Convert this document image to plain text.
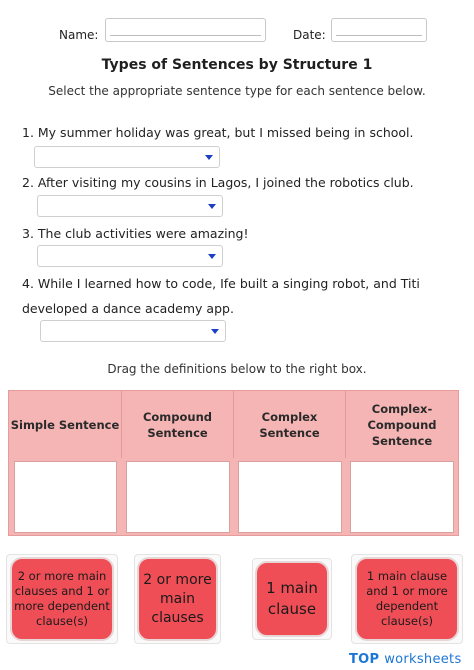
Name:	Date:
Types of Sentences by Structure 1
Select the appropriate sentence type for each sentence below.
1. My summer holiday was great, but I missed being in school.
2. After visiting my cousins in Lagos, I joined the robotics club.
3. The club activities were amazing!
4. While I learned how to code, Ife built a singing robot, and Titi
developed a dance academy app.
Drag the definitions below to the right box.
Simple Sentence
Compound
Sentence
Complex
Sentence
Complex-
Compound
Sentence
2 or more main
clauses and 1 or
more dependent
clause(s)
2 or more
main
clauses
1 main
clause
1 main clause
and 1 or more
dependent
clause(s)
TOP worksheets
